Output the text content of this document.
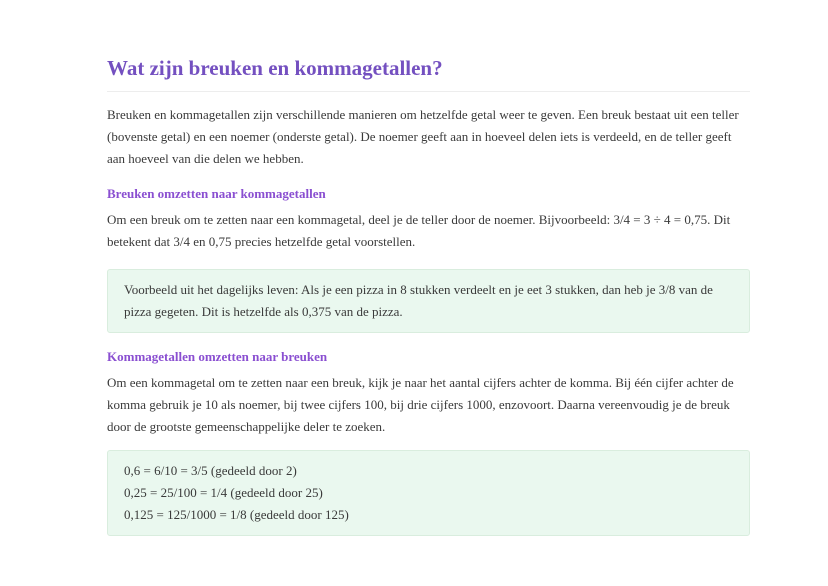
Wat zijn breuken en kommagetallen?

Breuken en kommagetallen zijn verschillende manieren om hetzelfde getal weer te geven. Een breuk bestaat uit een teller (bovenste getal) en een noemer (onderste getal). De noemer geeft aan in hoeveel delen iets is verdeeld, en de teller geeft aan hoeveel van die delen we hebben.

Breuken omzetten naar kommagetallen

Om een breuk om te zetten naar een kommagetal, deel je de teller door de noemer. Bijvoorbeeld: 3/4 = 3 ÷ 4 = 0,75. Dit betekent dat 3/4 en 0,75 precies hetzelfde getal voorstellen.

Voorbeeld uit het dagelijks leven: Als je een pizza in 8 stukken verdeelt en je eet 3 stukken, dan heb je 3/8 van de pizza gegeten. Dit is hetzelfde als 0,375 van de pizza.
Kommagetallen omzetten naar breuken

Om een kommagetal om te zetten naar een breuk, kijk je naar het aantal cijfers achter de komma. Bij één cijfer achter de komma gebruik je 10 als noemer, bij twee cijfers 100, bij drie cijfers 1000, enzovoort. Daarna vereenvoudig je de breuk door de grootste gemeenschappelijke deler te zoeken.

0,6 = 6/10 = 3/5 (gedeeld door 2)
0,25 = 25/100 = 1/4 (gedeeld door 25)
0,125 = 125/1000 = 1/8 (gedeeld door 125)
